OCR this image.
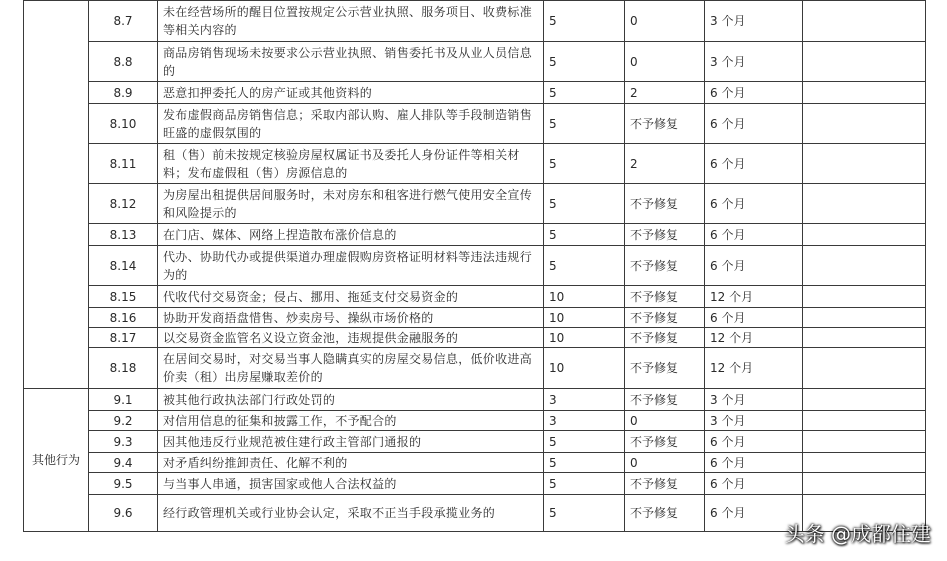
	8.7	未在经营场所的醒目位置按规定公示营业执照、服务项目、收费标准等相关内容的	5	0	3 个月	
	8.8	商品房销售现场未按要求公示营业执照、销售委托书及从业人员信息的	5	0	3 个月	
	8.9	恶意扣押委托人的房产证或其他资料的	5	2	6 个月	
	8.10	发布虚假商品房销售信息；采取内部认购、雇人排队等手段制造销售旺盛的虚假氛围的	5	不予修复	6 个月	
	8.11	租（售）前未按规定核验房屋权属证书及委托人身份证件等相关材料；发布虚假租（售）房源信息的	5	2	6 个月	
	8.12	为房屋出租提供居间服务时，未对房东和租客进行燃气使用安全宣传和风险提示的	5	不予修复	6 个月	
	8.13	在门店、媒体、网络上捏造散布涨价信息的	5	不予修复	6 个月	
	8.14	代办、协助代办或提供渠道办理虚假购房资格证明材料等违法违规行为的	5	不予修复	6 个月	
	8.15	代收代付交易资金；侵占、挪用、拖延支付交易资金的	10	不予修复	12 个月	
	8.16	协助开发商捂盘惜售、炒卖房号、操纵市场价格的	10	不予修复	6 个月	
	8.17	以交易资金监管名义设立资金池，违规提供金融服务的	10	不予修复	12 个月	
	8.18	在居间交易时，对交易当事人隐瞒真实的房屋交易信息，低价收进高价卖（租）出房屋赚取差价的	10	不予修复	12 个月	
其他行为	9.1	被其他行政执法部门行政处罚的	3	不予修复	3 个月	
	9.2	对信用信息的征集和披露工作，不予配合的	3	0	3 个月	
	9.3	因其他违反行业规范被住建行政主管部门通报的	5	不予修复	6 个月	
	9.4	对矛盾纠纷推卸责任、化解不利的	5	0	6 个月	
	9.5	与当事人串通，损害国家或他人合法权益的	5	不予修复	6 个月	
	9.6	经行政管理机关或行业协会认定，采取不正当手段承揽业务的	5	不予修复	6 个月	
头条 @成都住建
